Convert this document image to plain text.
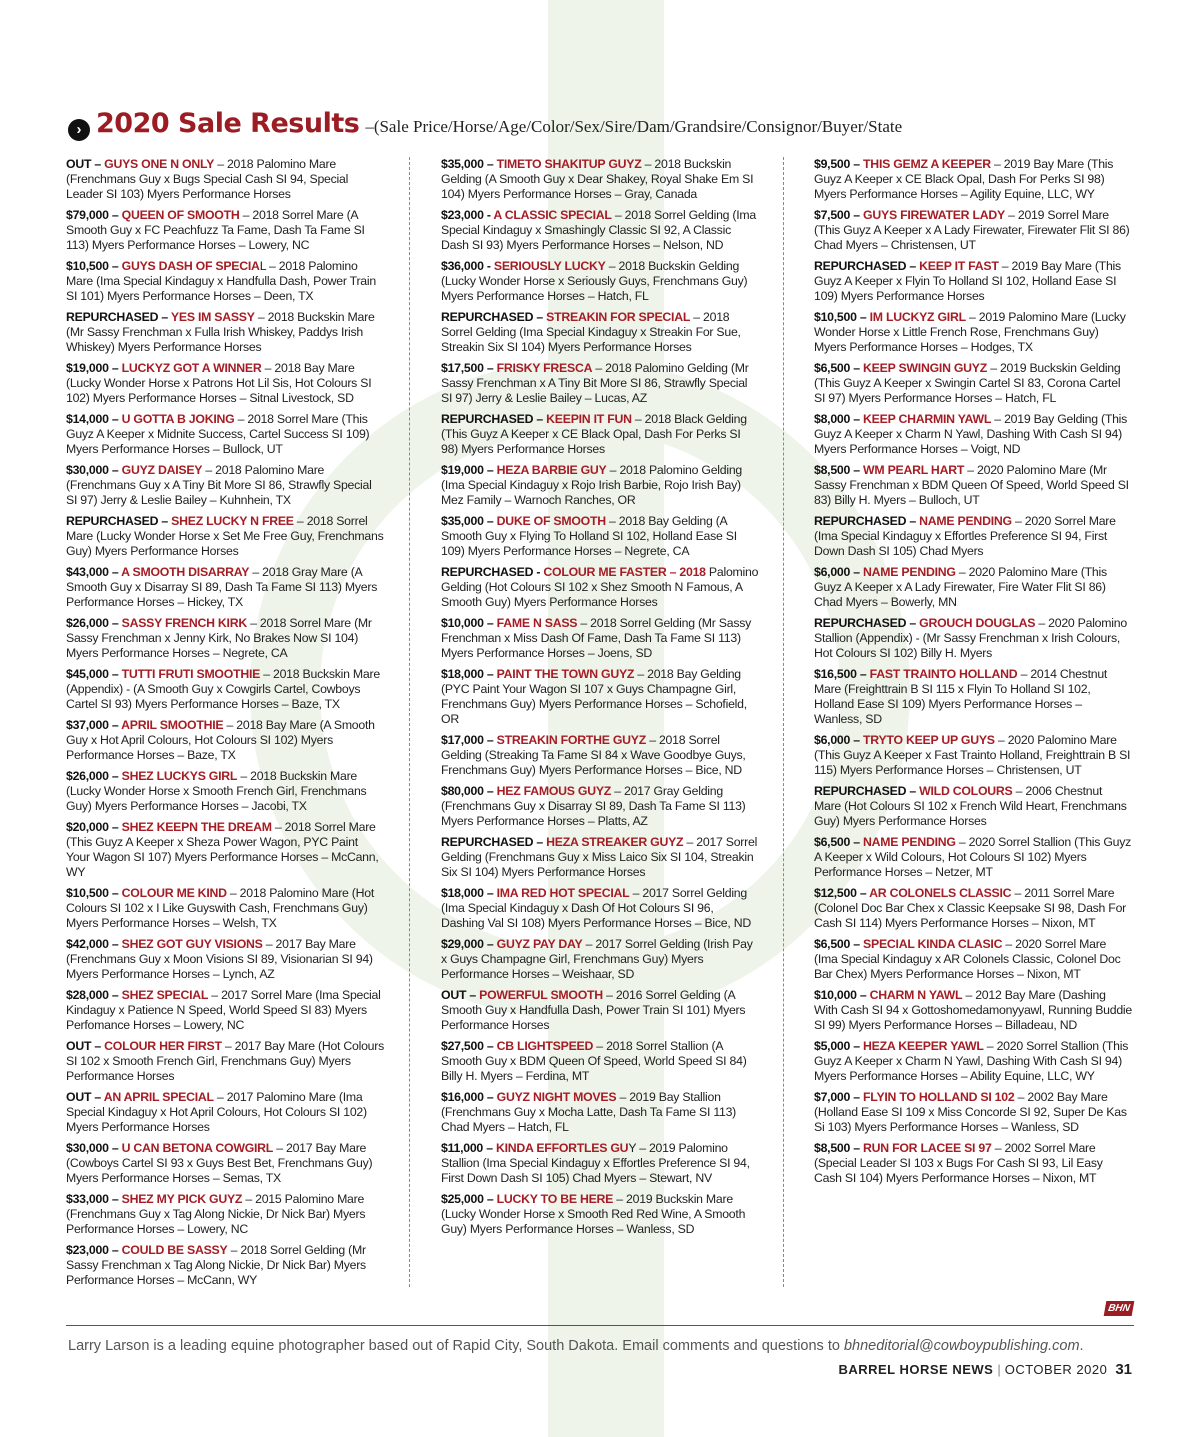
› 2020 Sale Results –(Sale Price/Horse/Age/Color/Sex/Sire/Dam/Grandsire/Consignor/Buyer/State

OUT – GUYS ONE N ONLY – 2018 Palomino Mare (Frenchmans Guy x Bugs Special Cash SI 94, Special Leader SI 103) Myers Performance Horses

$79,000 – QUEEN OF SMOOTH – 2018 Sorrel Mare (A Smooth Guy x FC Peachfuzz Ta Fame, Dash Ta Fame SI 113) Myers Performance Horses – Lowery, NC

$10,500 – GUYS DASH OF SPECIAL – 2018 Palomino Mare (Ima Special Kindaguy x Handfulla Dash, Power Train SI 101) Myers Performance Horses – Deen, TX

REPURCHASED – YES IM SASSY – 2018 Buckskin Mare (Mr Sassy Frenchman x Fulla Irish Whiskey, Paddys Irish Whiskey) Myers Performance Horses

$19,000 – LUCKYZ GOT A WINNER – 2018 Bay Mare (Lucky Wonder Horse x Patrons Hot Lil Sis, Hot Colours SI 102) Myers Performance Horses – Sitnal Livestock, SD

$14,000 – U GOTTA B JOKING – 2018 Sorrel Mare (This Guyz A Keeper x Midnite Success, Cartel Success SI 109) Myers Performance Horses – Bullock, UT

$30,000 – GUYZ DAISEY – 2018 Palomino Mare (Frenchmans Guy x A Tiny Bit More SI 86, Strawfly Special SI 97) Jerry & Leslie Bailey – Kuhnhein, TX

REPURCHASED – SHEZ LUCKY N FREE – 2018 Sorrel Mare (Lucky Wonder Horse x Set Me Free Guy, Frenchmans Guy) Myers Performance Horses

$43,000 – A SMOOTH DISARRAY – 2018 Gray Mare (A Smooth Guy x Disarray SI 89, Dash Ta Fame SI 113) Myers Performance Horses – Hickey, TX

$26,000 – SASSY FRENCH KIRK – 2018 Sorrel Mare (Mr Sassy Frenchman x Jenny Kirk, No Brakes Now SI 104) Myers Performance Horses – Negrete, CA

$45,000 – TUTTI FRUTI SMOOTHIE – 2018 Buckskin Mare (Appendix) - (A Smooth Guy x Cowgirls Cartel, Cowboys Cartel SI 93) Myers Performance Horses – Baze, TX

$37,000 – APRIL SMOOTHIE – 2018 Bay Mare (A Smooth Guy x Hot April Colours, Hot Colours SI 102) Myers Performance Horses – Baze, TX

$26,000 – SHEZ LUCKYS GIRL – 2018 Buckskin Mare (Lucky Wonder Horse x Smooth French Girl, Frenchmans Guy) Myers Performance Horses – Jacobi, TX

$20,000 – SHEZ KEEPN THE DREAM – 2018 Sorrel Mare (This Guyz A Keeper x Sheza Power Wagon, PYC Paint Your Wagon SI 107) Myers Performance Horses – McCann, WY

$10,500 – COLOUR ME KIND – 2018 Palomino Mare (Hot Colours SI 102 x I Like Guyswith Cash, Frenchmans Guy) Myers Performance Horses – Welsh, TX

$42,000 – SHEZ GOT GUY VISIONS – 2017 Bay Mare (Frenchmans Guy x Moon Visions SI 89, Visionarian SI 94) Myers Performance Horses – Lynch, AZ

$28,000 – SHEZ SPECIAL – 2017 Sorrel Mare (Ima Special Kindaguy x Patience N Speed, World Speed SI 83) Myers Perfomance Horses – Lowery, NC

OUT – COLOUR HER FIRST – 2017 Bay Mare (Hot Colours SI 102 x Smooth French Girl, Frenchmans Guy) Myers Performance Horses

OUT – AN APRIL SPECIAL – 2017 Palomino Mare (Ima Special Kindaguy x Hot April Colours, Hot Colours SI 102) Myers Performance Horses

$30,000 – U CAN BETONA COWGIRL – 2017 Bay Mare (Cowboys Cartel SI 93 x Guys Best Bet, Frenchmans Guy) Myers Performance Horses – Semas, TX

$33,000 – SHEZ MY PICK GUYZ – 2015 Palomino Mare (Frenchmans Guy x Tag Along Nickie, Dr Nick Bar) Myers Performance Horses – Lowery, NC

$23,000 – COULD BE SASSY – 2018 Sorrel Gelding (Mr Sassy Frenchman x Tag Along Nickie, Dr Nick Bar) Myers Performance Horses – McCann, WY

$35,000 – TIMETO SHAKITUP GUYZ – 2018 Buckskin Gelding (A Smooth Guy x Dear Shakey, Royal Shake Em SI 104) Myers Performance Horses – Gray, Canada

$23,000 - A CLASSIC SPECIAL – 2018 Sorrel Gelding (Ima Special Kindaguy x Smashingly Classic SI 92, A Classic Dash SI 93) Myers Performance Horses – Nelson, ND

$36,000 - SERIOUSLY LUCKY – 2018 Buckskin Gelding (Lucky Wonder Horse x Seriously Guys, Frenchmans Guy) Myers Performance Horses – Hatch, FL

REPURCHASED – STREAKIN FOR SPECIAL – 2018 Sorrel Gelding (Ima Special Kindaguy x Streakin For Sue, Streakin Six SI 104) Myers Performance Horses

$17,500 – FRISKY FRESCA – 2018 Palomino Gelding (Mr Sassy Frenchman x A Tiny Bit More SI 86, Strawfly Special SI 97) Jerry & Leslie Bailey – Lucas, AZ

REPURCHASED – KEEPIN IT FUN – 2018 Black Gelding (This Guyz A Keeper x CE Black Opal, Dash For Perks SI 98) Myers Performance Horses

$19,000 – HEZA BARBIE GUY – 2018 Palomino Gelding (Ima Special Kindaguy x Rojo Irish Barbie, Rojo Irish Bay) Mez Family – Warnoch Ranches, OR

$35,000 – DUKE OF SMOOTH – 2018 Bay Gelding (A Smooth Guy x Flying To Holland SI 102, Holland Ease SI 109) Myers Performance Horses – Negrete, CA

REPURCHASED - COLOUR ME FASTER – 2018 Palomino Gelding (Hot Colours SI 102 x Shez Smooth N Famous, A Smooth Guy) Myers Performance Horses

$10,000 – FAME N SASS – 2018 Sorrel Gelding (Mr Sassy Frenchman x Miss Dash Of Fame, Dash Ta Fame SI 113) Myers Performance Horses – Joens, SD

$18,000 – PAINT THE TOWN GUYZ – 2018 Bay Gelding (PYC Paint Your Wagon SI 107 x Guys Champagne Girl, Frenchmans Guy) Myers Performance Horses – Schofield, OR

$17,000 – STREAKIN FORTHE GUYZ – 2018 Sorrel Gelding (Streaking Ta Fame SI 84 x Wave Goodbye Guys, Frenchmans Guy) Myers Performance Horses – Bice, ND

$80,000 – HEZ FAMOUS GUYZ – 2017 Gray Gelding (Frenchmans Guy x Disarray SI 89, Dash Ta Fame SI 113) Myers Performance Horses – Platts, AZ

REPURCHASED – HEZA STREAKER GUYZ – 2017 Sorrel Gelding (Frenchmans Guy x Miss Laico Six SI 104, Streakin Six SI 104) Myers Performance Horses

$18,000 – IMA RED HOT SPECIAL – 2017 Sorrel Gelding (Ima Special Kindaguy x Dash Of Hot Colours SI 96, Dashing Val SI 108) Myers Performance Horses – Bice, ND

$29,000 – GUYZ PAY DAY – 2017 Sorrel Gelding (Irish Pay x Guys Champagne Girl, Frenchmans Guy) Myers Performance Horses – Weishaar, SD

OUT – POWERFUL SMOOTH – 2016 Sorrel Gelding (A Smooth Guy x Handfulla Dash, Power Train SI 101) Myers Performance Horses

$27,500 – CB LIGHTSPEED – 2018 Sorrel Stallion (A Smooth Guy x BDM Queen Of Speed, World Speed SI 84) Billy H. Myers – Ferdina, MT

$16,000 – GUYZ NIGHT MOVES – 2019 Bay Stallion (Frenchmans Guy x Mocha Latte, Dash Ta Fame SI 113) Chad Myers – Hatch, FL

$11,000 – KINDA EFFORTLES GUY – 2019 Palomino Stallion (Ima Special Kindaguy x Effortles Preference SI 94, First Down Dash SI 105) Chad Myers – Stewart, NV

$25,000 – LUCKY TO BE HERE – 2019 Buckskin Mare (Lucky Wonder Horse x Smooth Red Red Wine, A Smooth Guy) Myers Performance Horses – Wanless, SD

$9,500 – THIS GEMZ A KEEPER – 2019 Bay Mare (This Guyz A Keeper x CE Black Opal, Dash For Perks SI 98) Myers Performance Horses – Agility Equine, LLC, WY

$7,500 – GUYS FIREWATER LADY – 2019 Sorrel Mare (This Guyz A Keeper x A Lady Firewater, Firewater Flit SI 86) Chad Myers – Christensen, UT

REPURCHASED – KEEP IT FAST – 2019 Bay Mare (This Guyz A Keeper x Flyin To Holland SI 102, Holland Ease SI 109) Myers Performance Horses

$10,500 – IM LUCKYZ GIRL – 2019 Palomino Mare (Lucky Wonder Horse x Little French Rose, Frenchmans Guy) Myers Performance Horses – Hodges, TX

$6,500 – KEEP SWINGIN GUYZ – 2019 Buckskin Gelding (This Guyz A Keeper x Swingin Cartel SI 83, Corona Cartel SI 97) Myers Performance Horses – Hatch, FL

$8,000 – KEEP CHARMIN YAWL – 2019 Bay Gelding (This Guyz A Keeper x Charm N Yawl, Dashing With Cash SI 94) Myers Performance Horses – Voigt, ND

$8,500 – WM PEARL HART – 2020 Palomino Mare (Mr Sassy Frenchman x BDM Queen Of Speed, World Speed SI 83) Billy H. Myers – Bulloch, UT

REPURCHASED – NAME PENDING – 2020 Sorrel Mare (Ima Special Kindaguy x Effortles Preference SI 94, First Down Dash SI 105) Chad Myers

$6,000 – NAME PENDING – 2020 Palomino Mare (This Guyz A Keeper x A Lady Firewater, Fire Water Flit SI 86) Chad Myers – Bowerly, MN

REPURCHASED – GROUCH DOUGLAS – 2020 Palomino Stallion (Appendix) - (Mr Sassy Frenchman x Irish Colours, Hot Colours SI 102) Billy H. Myers

$16,500 – FAST TRAINTO HOLLAND – 2014 Chestnut Mare (Freighttrain B SI 115 x Flyin To Holland SI 102, Holland Ease SI 109) Myers Performance Horses – Wanless, SD

$6,000 – TRYTO KEEP UP GUYS – 2020 Palomino Mare (This Guyz A Keeper x Fast Trainto Holland, Freighttrain B SI 115) Myers Performance Horses – Christensen, UT

REPURCHASED – WILD COLOURS – 2006 Chestnut Mare (Hot Colours SI 102 x French Wild Heart, Frenchmans Guy) Myers Performance Horses

$6,500 – NAME PENDING – 2020 Sorrel Stallion (This Guyz A Keeper x Wild Colours, Hot Colours SI 102) Myers Performance Horses – Netzer, MT

$12,500 – AR COLONELS CLASSIC – 2011 Sorrel Mare (Colonel Doc Bar Chex x Classic Keepsake SI 98, Dash For Cash SI 114) Myers Performance Horses – Nixon, MT

$6,500 – SPECIAL KINDA CLASIC – 2020 Sorrel Mare (Ima Special Kindaguy x AR Colonels Classic, Colonel Doc Bar Chex) Myers Performance Horses – Nixon, MT

$10,000 – CHARM N YAWL – 2012 Bay Mare (Dashing With Cash SI 94 x Gottoshomedamonyyawl, Running Buddie SI 99) Myers Performance Horses – Billadeau, ND

$5,000 – HEZA KEEPER YAWL – 2020 Sorrel Stallion (This Guyz A Keeper x Charm N Yawl, Dashing With Cash SI 94) Myers Performance Horses – Ability Equine, LLC, WY

$7,000 – FLYIN TO HOLLAND SI 102 – 2002 Bay Mare (Holland Ease SI 109 x Miss Concorde SI 92, Super De Kas Si 103) Myers Performance Horses – Wanless, SD

$8,500 – RUN FOR LACEE SI 97 – 2002 Sorrel Mare (Special Leader SI 103 x Bugs For Cash SI 93, Lil Easy Cash SI 104) Myers Performance Horses – Nixon, MT

BHN
Larry Larson is a leading equine photographer based out of Rapid City, South Dakota. Email comments and questions to bhneditorial@cowboypublishing.com.
BARREL HORSE NEWS | OCTOBER 2020 31
